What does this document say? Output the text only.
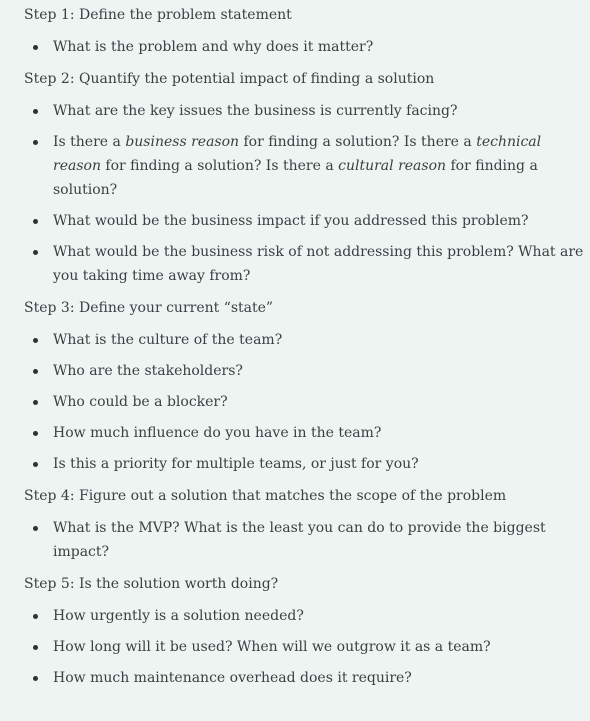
Step 1: Define the problem statement

What is the problem and why does it matter?

Step 2: Quantify the potential impact of finding a solution

What are the key issues the business is currently facing?
Is there a business reason for finding a solution? Is there a technical reason for finding a solution? Is there a cultural reason for finding a solution?
What would be the business impact if you addressed this problem?
What would be the business risk of not addressing this problem? What are you taking time away from?

Step 3: Define your current “state”

What is the culture of the team?
Who are the stakeholders?
Who could be a blocker?
How much influence do you have in the team?
Is this a priority for multiple teams, or just for you?

Step 4: Figure out a solution that matches the scope of the problem

What is the MVP? What is the least you can do to provide the biggest impact?

Step 5: Is the solution worth doing?

How urgently is a solution needed?
How long will it be used? When will we outgrow it as a team?
How much maintenance overhead does it require?
